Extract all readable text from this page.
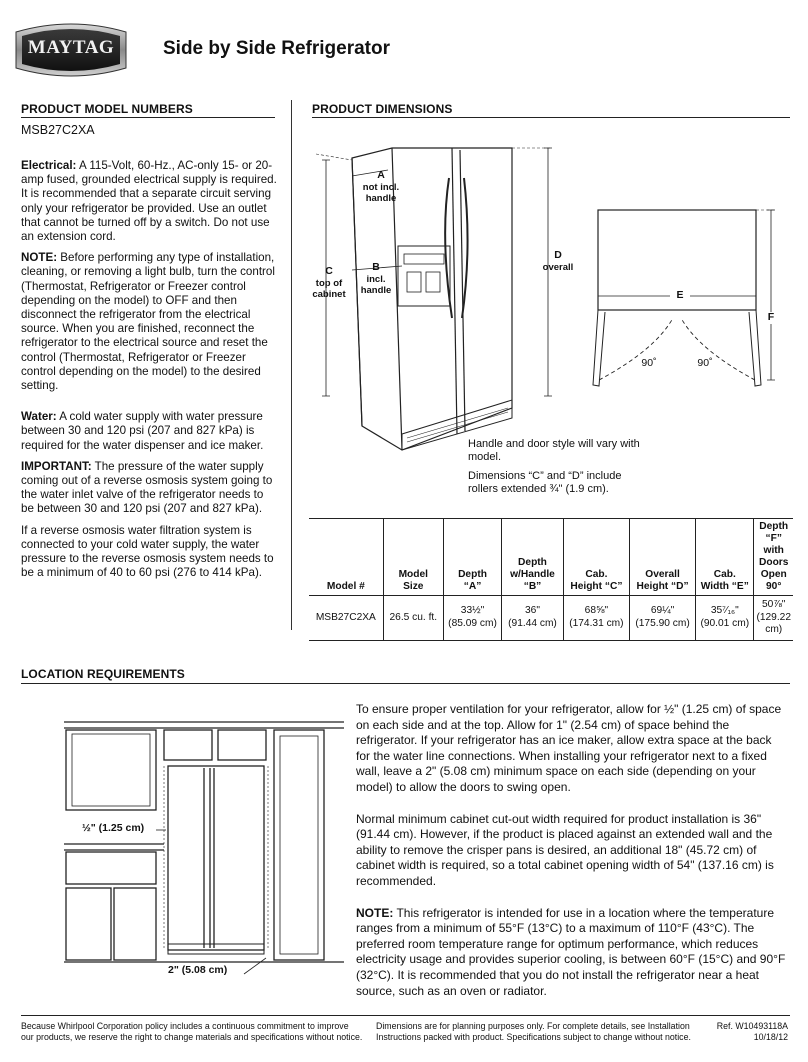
MAYTAG	Side by Side Refrigerator
PRODUCT MODEL NUMBERS
MSB27C2XA

Electrical: A 115-Volt, 60-Hz., AC-only 15- or 20-amp fused, grounded electrical supply is required. It is recommended that a separate circuit serving only your refrigerator be provided. Use an outlet that cannot be turned off by a switch. Do not use an extension cord.

NOTE: Before performing any type of installation, cleaning, or removing a light bulb, turn the control (Thermostat, Refrigerator or Freezer control depending on the model) to OFF and then disconnect the refrigerator from the electrical source. When you are finished, reconnect the refrigerator to the electrical source and reset the control (Thermostat, Refrigerator or Freezer control depending on the model) to the desired setting.

Water: A cold water supply with water pressure between 30 and 120 psi (207 and 827 kPa) is required for the water dispenser and ice maker.

IMPORTANT: The pressure of the water supply coming out of a reverse osmosis system going to the water inlet valve of the refrigerator needs to be between 30 and 120 psi (207 and 827 kPa).

If a reverse osmosis water filtration system is connected to your cold water supply, the water pressure to the reverse osmosis system needs to be a minimum of 40 to 60 psi (276 to 414 kPa).

PRODUCT DIMENSIONS
A
not incl.
handle
B
incl.
handle
C
top of
cabinet
D
overall
E
F
90˚	90˚

Handle and door style will vary with model.

Dimensions “C” and “D” include rollers extended ¾" (1.9 cm).

Model #	Model
Size	Depth
“A”	Depth
w/Handle
“B”	Cab.
Height “C”	Overall
Height “D”	Cab.
Width “E”	Depth “F”
with Doors
Open 90°
MSB27C2XA	26.5 cu. ft.	33½"
(85.09 cm)	36"
(91.44 cm)	68⅝"
(174.31 cm)	69¼"
(175.90 cm)	35⁷⁄₁₆"
(90.01 cm)	50⅞"
(129.22 cm)
LOCATION REQUIREMENTS
½" (1.25 cm)
2" (5.08 cm)

To ensure proper ventilation for your refrigerator, allow for ½" (1.25 cm) of space on each side and at the top. Allow for 1" (2.54 cm) of space behind the refrigerator. If your refrigerator has an ice maker, allow extra space at the back for the water line connections. When installing your refrigerator next to a fixed wall, leave a 2" (5.08 cm) minimum space on each side (depending on your model) to allow the doors to swing open.

Normal minimum cabinet cut-out width required for product installation is 36" (91.44 cm). However, if the product is placed against an extended wall and the ability to remove the crisper pans is desired, an additional 18" (45.72 cm) of cabinet width is required, so a total cabinet opening width of 54" (137.16 cm) is recommended.

NOTE: This refrigerator is intended for use in a location where the temperature ranges from a minimum of 55°F (13°C) to a maximum of 110°F (43°C). The preferred room temperature range for optimum performance, which reduces electricity usage and provides superior cooling, is between 60°F (15°C) and 90°F (32°C). It is recommended that you do not install the refrigerator near a heat source, such as an oven or radiator.

Because Whirlpool Corporation policy includes a continuous commitment to improve our products, we reserve the right to change materials and specifications without notice.

Dimensions are for planning purposes only. For complete details, see Installation Instructions packed with product. Specifications subject to change without notice.

Ref. W10493118A
10/18/12
